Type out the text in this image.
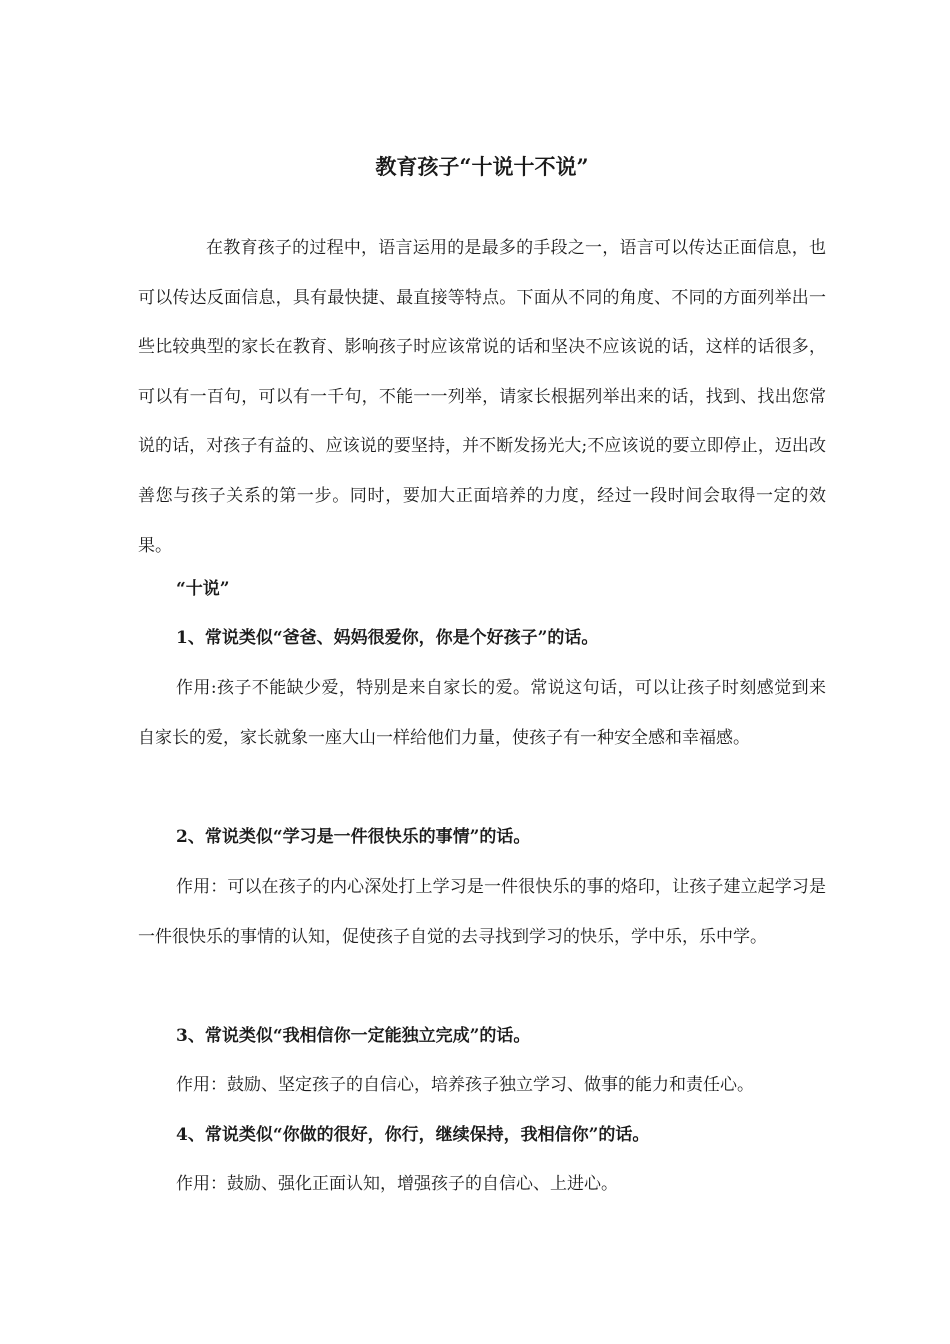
教育孩子“十说十不说”

在教育孩子的过程中，语言运用的是最多的手段之一，语言可以传达正面信息，也可以传达反面信息，具有最快捷、最直接等特点。下面从不同的角度、不同的方面列举出一些比较典型的家长在教育、影响孩子时应该常说的话和坚决不应该说的话，这样的话很多，可以有一百句，可以有一千句，不能一一列举，请家长根据列举出来的话，找到、找出您常说的话，对孩子有益的、应该说的要坚持，并不断发扬光大;不应该说的要立即停止，迈出改善您与孩子关系的第一步。同时，要加大正面培养的力度，经过一段时间会取得一定的效果。

“十说”

1、常说类似“爸爸、妈妈很爱你，你是个好孩子”的话。

作用:孩子不能缺少爱，特别是来自家长的爱。常说这句话，可以让孩子时刻感觉到来自家长的爱，家长就象一座大山一样给他们力量，使孩子有一种安全感和幸福感。

2、常说类似“学习是一件很快乐的事情”的话。

作用：可以在孩子的内心深处打上学习是一件很快乐的事的烙印，让孩子建立起学习是一件很快乐的事情的认知，促使孩子自觉的去寻找到学习的快乐，学中乐，乐中学。

3、常说类似“我相信你一定能独立完成”的话。

作用：鼓励、坚定孩子的自信心，培养孩子独立学习、做事的能力和责任心。

4、常说类似“你做的很好，你行，继续保持，我相信你”的话。

作用：鼓励、强化正面认知，增强孩子的自信心、上进心。
